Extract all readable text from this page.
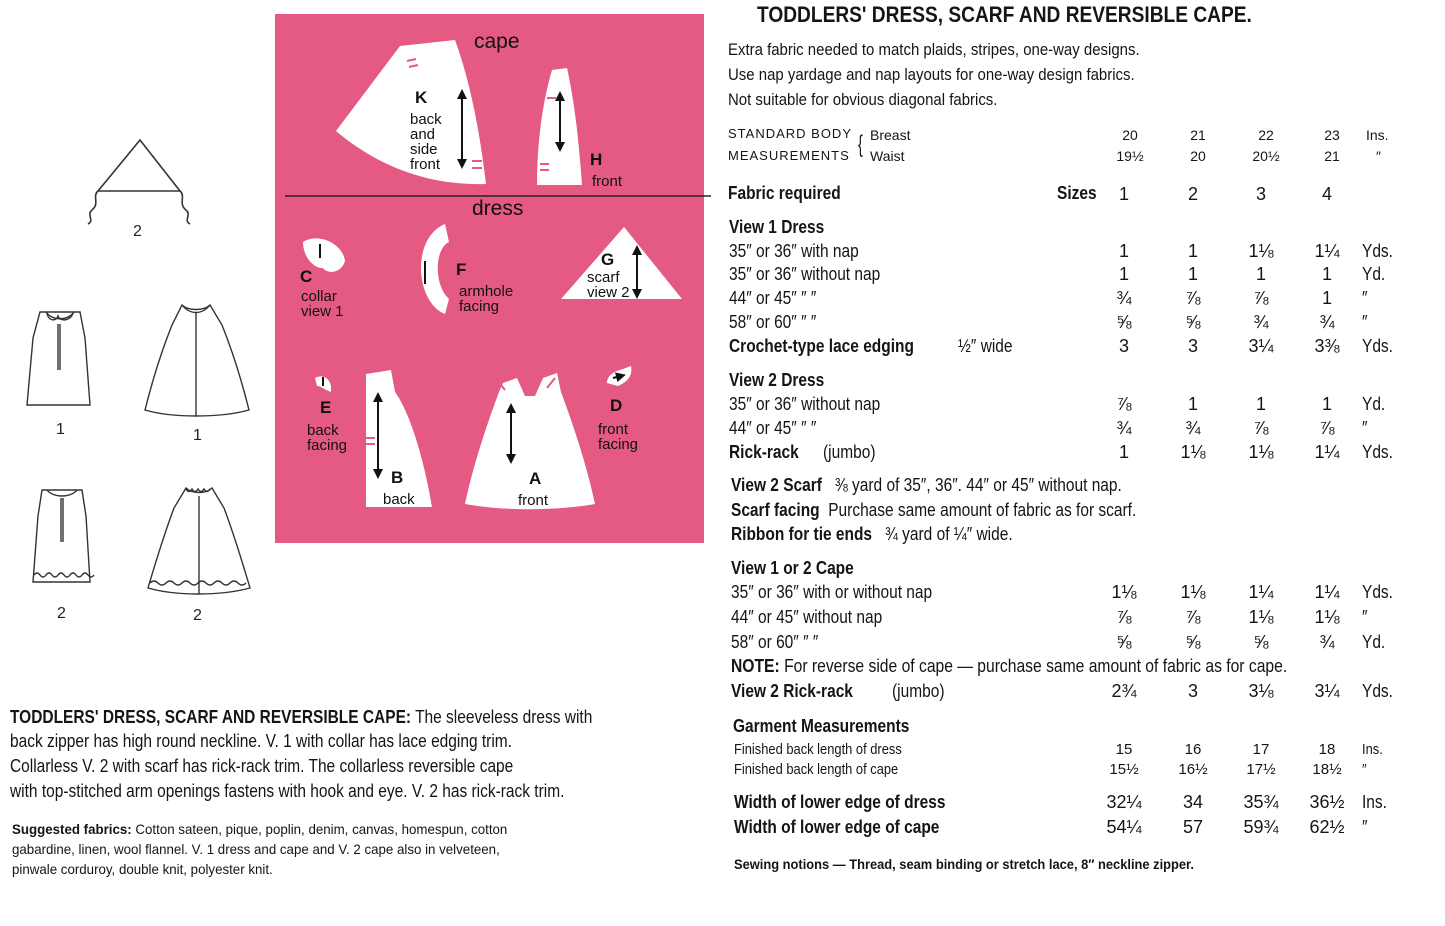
2
1	1
2	2
cape
dress
K
back
and
side
front	H
front
C
collar
view 1
F
armhole
facing
G
scarf
view 2
E
back
facing
B
back
A
front
D
front
facing
TODDLERS' DRESS, SCARF AND REVERSIBLE CAPE: The sleeveless dress with
back zipper has high round neckline. V. 1 with collar has lace edging trim.
Collarless V. 2 with scarf has rick-rack trim. The collarless reversible cape
with top-stitched arm openings fastens with hook and eye. V. 2 has rick-rack trim.
Suggested fabrics: Cotton sateen, pique, poplin, denim, canvas, homespun, cotton
gabardine, linen, wool flannel. V. 1 dress and cape and V. 2 cape also in velveteen,
pinwale corduroy, double knit, polyester knit.
TODDLERS' DRESS, SCARF AND REVERSIBLE CAPE.
Extra fabric needed to match plaids, stripes, one-way designs.
Use nap yardage and nap layouts for one-way design fabrics.
Not suitable for obvious diagonal fabrics.
STANDARD BODY
MEASUREMENTS { Breast
Waist
20	21	22	23	Ins.
19½	20	20½	21	″
Fabric required	Sizes	1	2	3	4
View 1 Dress
35″ or 36″ with nap	1	1	1⅛	1¼	Yds.
35″ or 36″ without nap	1	1	1	1	Yd.
44″ or 45″ ″ ″	¾	⅞	⅞	1	″
58″ or 60″ ″ ″	⅝	⅝	¾	¾	″
Crochet-type lace edging ½″ wide	3	3	3¼	3⅜	Yds.
View 2 Dress
35″ or 36″ without nap	⅞	1	1	1	Yd.
44″ or 45″ ″ ″	¾	¾	⅞	⅞	″
Rick-rack (jumbo)	1	1⅛	1⅛	1¼	Yds.
View 1 or 2 Cape
35″ or 36″ with or without nap	1⅛	1⅛	1¼	1¼	Yds.
44″ or 45″ without nap	⅞	⅞	1⅛	1⅛	″
58″ or 60″ ″ ″	⅝	⅝	⅝	¾	Yd.
View 2 Rick-rack (jumbo)	2¾	3	3⅛	3¼	Yds.
Finished back length of dress	15	16	17	18	Ins.
Finished back length of cape	15½	16½	17½	18½	″
Width of lower edge of dress	32¼	34	35¾	36½ Ins.
Width of lower edge of cape	54¼	57	59¾	62½ ″
View 2 Scarf ⅜ yard of 35″, 36″. 44″ or 45″ without nap.
Scarf facing Purchase same amount of fabric as for scarf.
Ribbon for tie ends ¾ yard of ¼″ wide.
NOTE: For reverse side of cape — purchase same amount of fabric as for cape.
Garment Measurements
Sewing notions — Thread, seam binding or stretch lace, 8″ neckline zipper.
